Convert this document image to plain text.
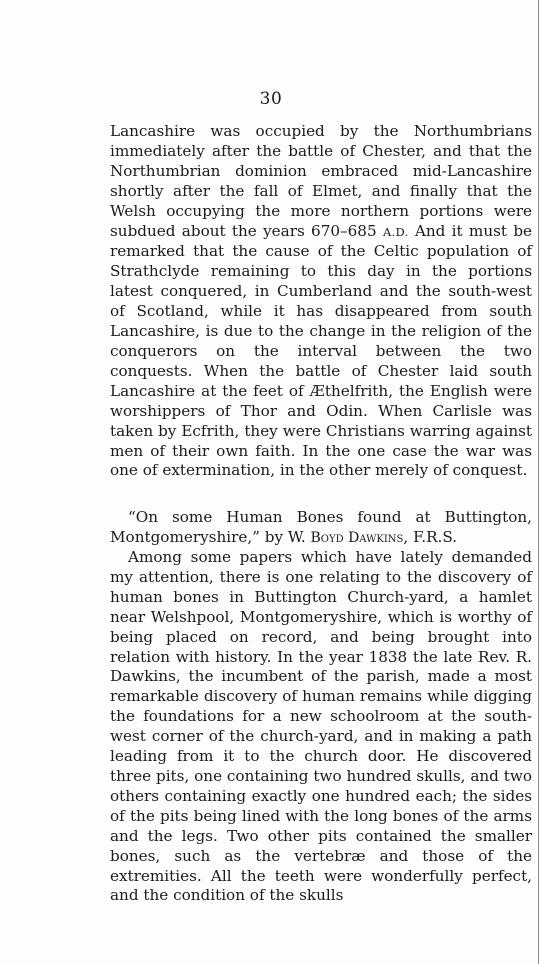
30

Lancashire was occupied by the Northumbrians immediately after the battle of Chester, and that the Northumbrian dominion embraced mid-Lancashire shortly after the fall of Elmet, and finally that the Welsh occupying the more northern portions were subdued about the years 670–685 A.D. And it must be remarked that the cause of the Celtic population of Strathclyde remaining to this day in the portions latest conquered, in Cumberland and the south-west of Scotland, while it has disappeared from south Lancashire, is due to the change in the religion of the conquerors on the interval between the two conquests. When the battle of Chester laid south Lancashire at the feet of Æthelfrith, the English were worshippers of Thor and Odin. When Carlisle was taken by Ecfrith, they were Christians warring against men of their own faith. In the one case the war was one of extermination, in the other merely of conquest.

“On some Human Bones found at Buttington, Montgomeryshire,” by W. Boyd Dawkins, F.R.S.

Among some papers which have lately demanded my attention, there is one relating to the discovery of human bones in Buttington Church-yard, a hamlet near Welshpool, Montgomeryshire, which is worthy of being placed on record, and being brought into relation with history. In the year 1838 the late Rev. R. Dawkins, the incumbent of the parish, made a most remarkable discovery of human remains while digging the foundations for a new schoolroom at the south-west corner of the church-yard, and in making a path leading from it to the church door. He discovered three pits, one containing two hundred skulls, and two others containing exactly one hundred each; the sides of the pits being lined with the long bones of the arms and the legs. Two other pits contained the smaller bones, such as the vertebræ and those of the extremities. All the teeth were wonderfully perfect, and the condition of the skulls
